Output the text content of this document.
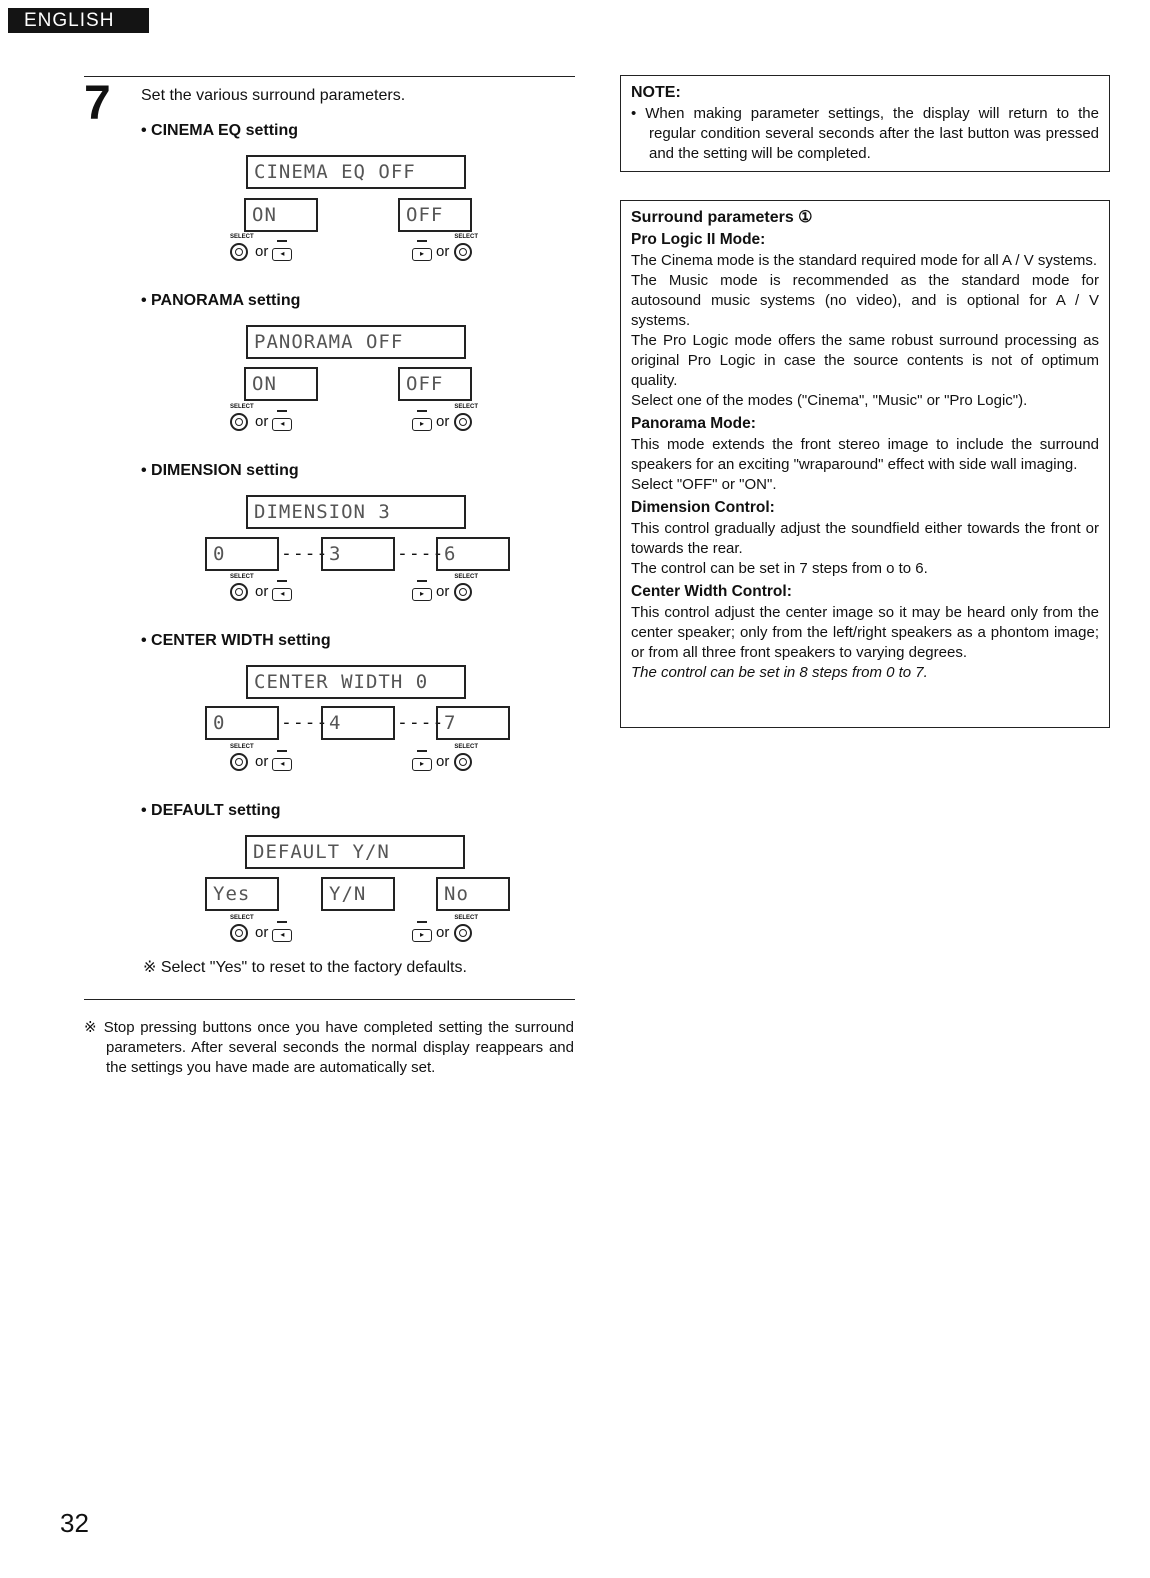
ENGLISH
7 Set the various surround parameters.
• CINEMA EQ setting
CINEMA EQ OFF
ON	OFF
SELECT
or	◂	▸ or
SELECT
• PANORAMA setting
PANORAMA OFF
ON	OFF
SELECT
or	◂	▸ or
SELECT
• DIMENSION setting
DIMENSION 3
0	---- 3	---- 6
SELECT
or	◂	▸ or
SELECT
• CENTER WIDTH setting
CENTER WIDTH 0
0	---- 4	---- 7
SELECT
or	◂	▸ or
SELECT
• DEFAULT setting
DEFAULT Y/N
Yes	Y/N	No
SELECT
or	◂	▸ or
SELECT
※ Select "Yes" to reset to the factory defaults.
※ Stop pressing buttons once you have completed setting the surround parameters. After several seconds the normal display reappears and the settings you have made are automatically set.
NOTE:

• When making parameter settings, the display will return to the regular condition several seconds after the last button was pressed and the setting will be completed.

Surround parameters ①
Pro Logic II Mode:

The Cinema mode is the standard required mode for all A / V systems.

The Music mode is recommended as the standard mode for autosound music systems (no video), and is optional for A / V systems.

The Pro Logic mode offers the same robust surround processing as original Pro Logic in case the source contents is not of optimum quality.

Select one of the modes ("Cinema", "Music" or "Pro Logic").

Panorama Mode:

This mode extends the front stereo image to include the surround speakers for an exciting "wraparound" effect with side wall imaging.

Select "OFF" or "ON".

Dimension Control:

This control gradually adjust the soundfield either towards the front or towards the rear.

The control can be set in 7 steps from o to 6.

Center Width Control:

This control adjust the center image so it may be heard only from the center speaker; only from the left/right speakers as a phontom image; or from all three front speakers to varying degrees.

The control can be set in 8 steps from 0 to 7.

32
